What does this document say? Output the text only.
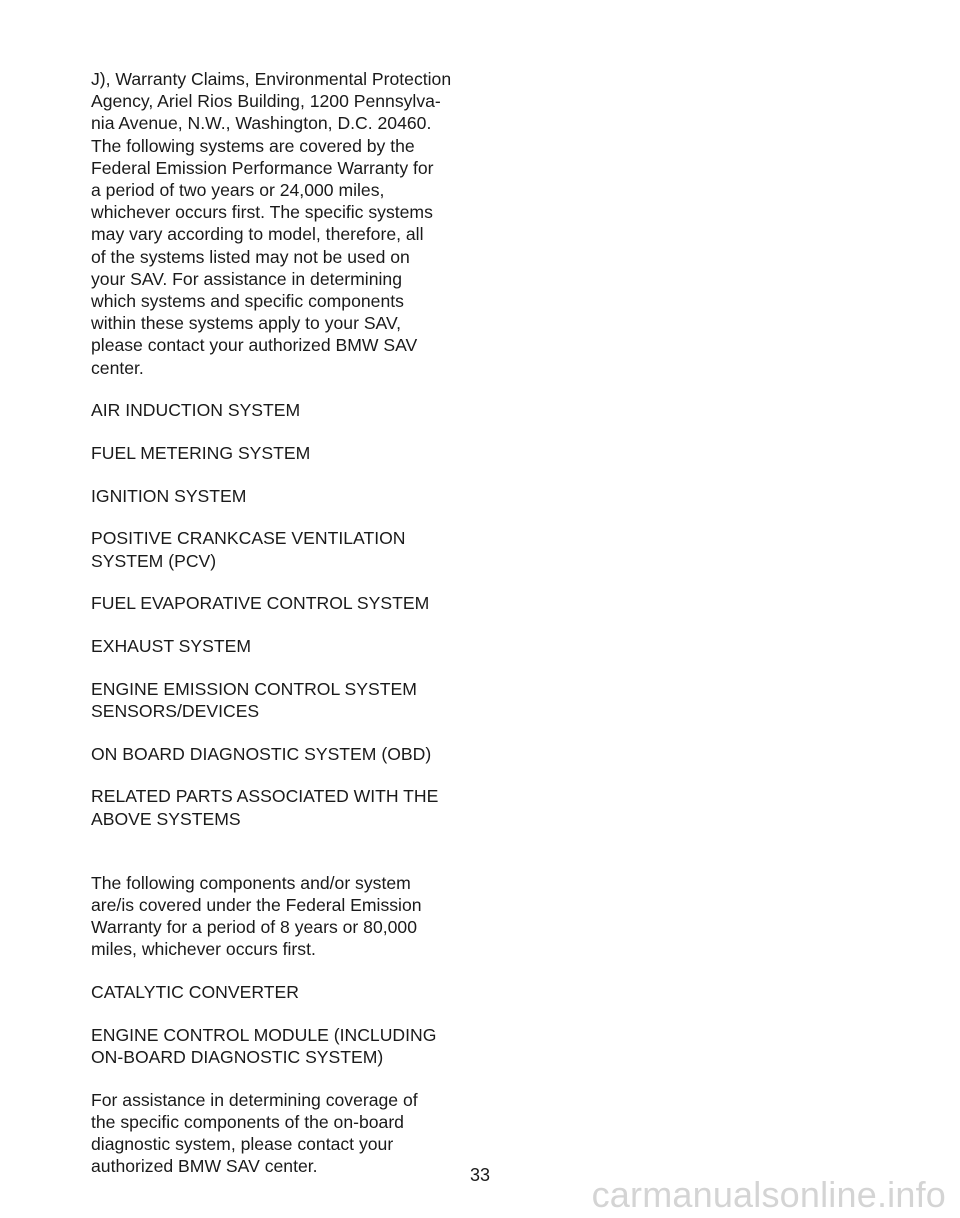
J), Warranty Claims, Environmental Protection
Agency, Ariel Rios Building, 1200 Pennsylva-
nia Avenue, N.W., Washington, D.C. 20460.
The following systems are covered by the
Federal Emission Performance Warranty for
a period of two years or 24,000 miles,
whichever occurs first. The specific systems
may vary according to model, therefore, all
of the systems listed may not be used on
your SAV. For assistance in determining
which systems and specific components
within these systems apply to your SAV,
please contact your authorized BMW SAV
center.
AIR INDUCTION SYSTEM
FUEL METERING SYSTEM
IGNITION SYSTEM
POSITIVE CRANKCASE VENTILATION
SYSTEM (PCV)
FUEL EVAPORATIVE CONTROL SYSTEM
EXHAUST SYSTEM
ENGINE EMISSION CONTROL SYSTEM
SENSORS/DEVICES
ON BOARD DIAGNOSTIC SYSTEM (OBD)
RELATED PARTS ASSOCIATED WITH THE
ABOVE SYSTEMS
The following components and/or system
are/is covered under the Federal Emission
Warranty for a period of 8 years or 80,000
miles, whichever occurs first.
CATALYTIC CONVERTER
ENGINE CONTROL MODULE (INCLUDING
ON-BOARD DIAGNOSTIC SYSTEM)
For assistance in determining coverage of
the specific components of the on-board
diagnostic system, please contact your
authorized BMW SAV center.	33	carmanualsonline.info
